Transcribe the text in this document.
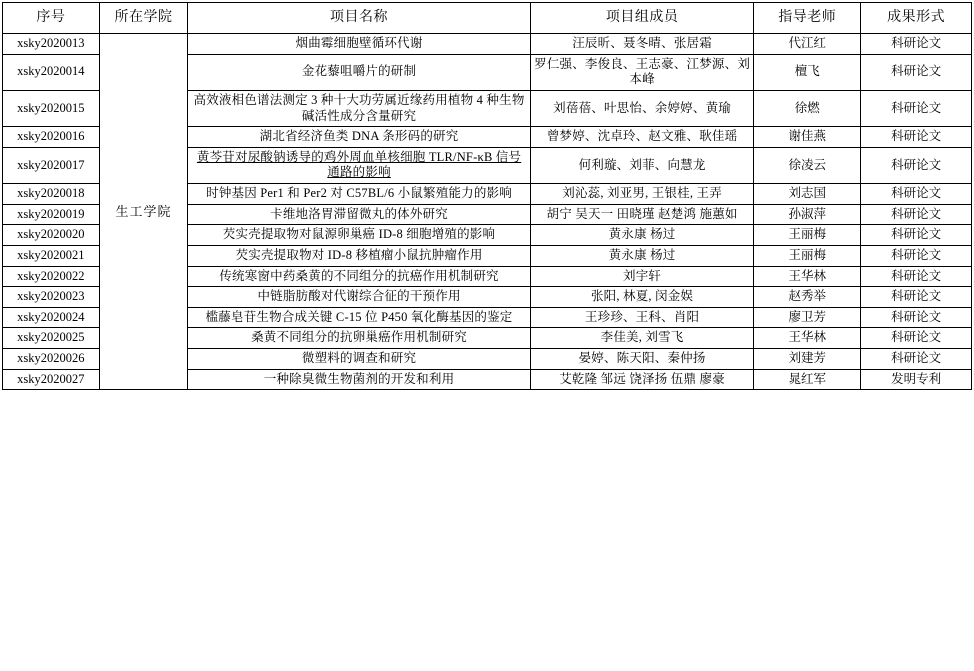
序号	所在学院	项目名称	项目组成员	指导老师	成果形式
xsky2020013	生工学院	烟曲霉细胞壁循环代谢	汪辰昕、聂冬晴、张居霜	代江红	科研论文
xsky2020014		金花藜咀嚼片的研制	罗仁强、李俊良、王志豪、江梦源、刘本峰	檀飞	科研论文
xsky2020015		高效液相色谱法测定 3 种十大功劳属近缘药用植物 4 种生物碱活性成分含量研究	刘蓓蓓、叶思怡、余婷婷、黄瑜	徐燃	科研论文
xsky2020016		湖北省经济鱼类 DNA 条形码的研究	曾梦婷、沈卓玲、赵文雅、耿佳瑶	谢佳燕	科研论文
xsky2020017		黄芩苷对尿酸钠诱导的鸡外周血单核细胞 TLR/NF-κB 信号通路的影响	何利璇、刘菲、向慧龙	徐凌云	科研论文
xsky2020018		时钟基因 Per1 和 Per2 对 C57BL/6 小鼠繁殖能力的影响	刘沁蕊, 刘亚男, 王银桂, 王弄	刘志国	科研论文
xsky2020019		卡维地洛胃滞留微丸的体外研究	胡宁 吴天一 田晓瑾 赵楚鸿 施蕙如	孙淑萍	科研论文
xsky2020020		芡实壳提取物对鼠源卵巢癌 ID-8 细胞增殖的影响	黄永康 杨过	王丽梅	科研论文
xsky2020021		芡实壳提取物对 ID-8 移植瘤小鼠抗肿瘤作用	黄永康 杨过	王丽梅	科研论文
xsky2020022		传统寒窗中药桑黄的不同组分的抗癌作用机制研究	刘宇轩	王华林	科研论文
xsky2020023		中链脂肪酸对代谢综合征的干预作用	张阳, 林夏, 闵金娱	赵秀举	科研论文
xsky2020024		槛藤皂苷生物合成关键 C-15 位 P450 氧化酶基因的鉴定	王珍珍、王科、肖阳	廖卫芳	科研论文
xsky2020025		桑黄不同组分的抗卵巢癌作用机制研究	李佳美, 刘雪飞	王华林	科研论文
xsky2020026		微塑料的调查和研究	晏婷、陈天阳、秦仲扬	刘建芳	科研论文
xsky2020027		一种除臭微生物菌剂的开发和利用	艾乾隆 邹远 饶泽扬 伍鼎 廖豪	晁红军	发明专利
